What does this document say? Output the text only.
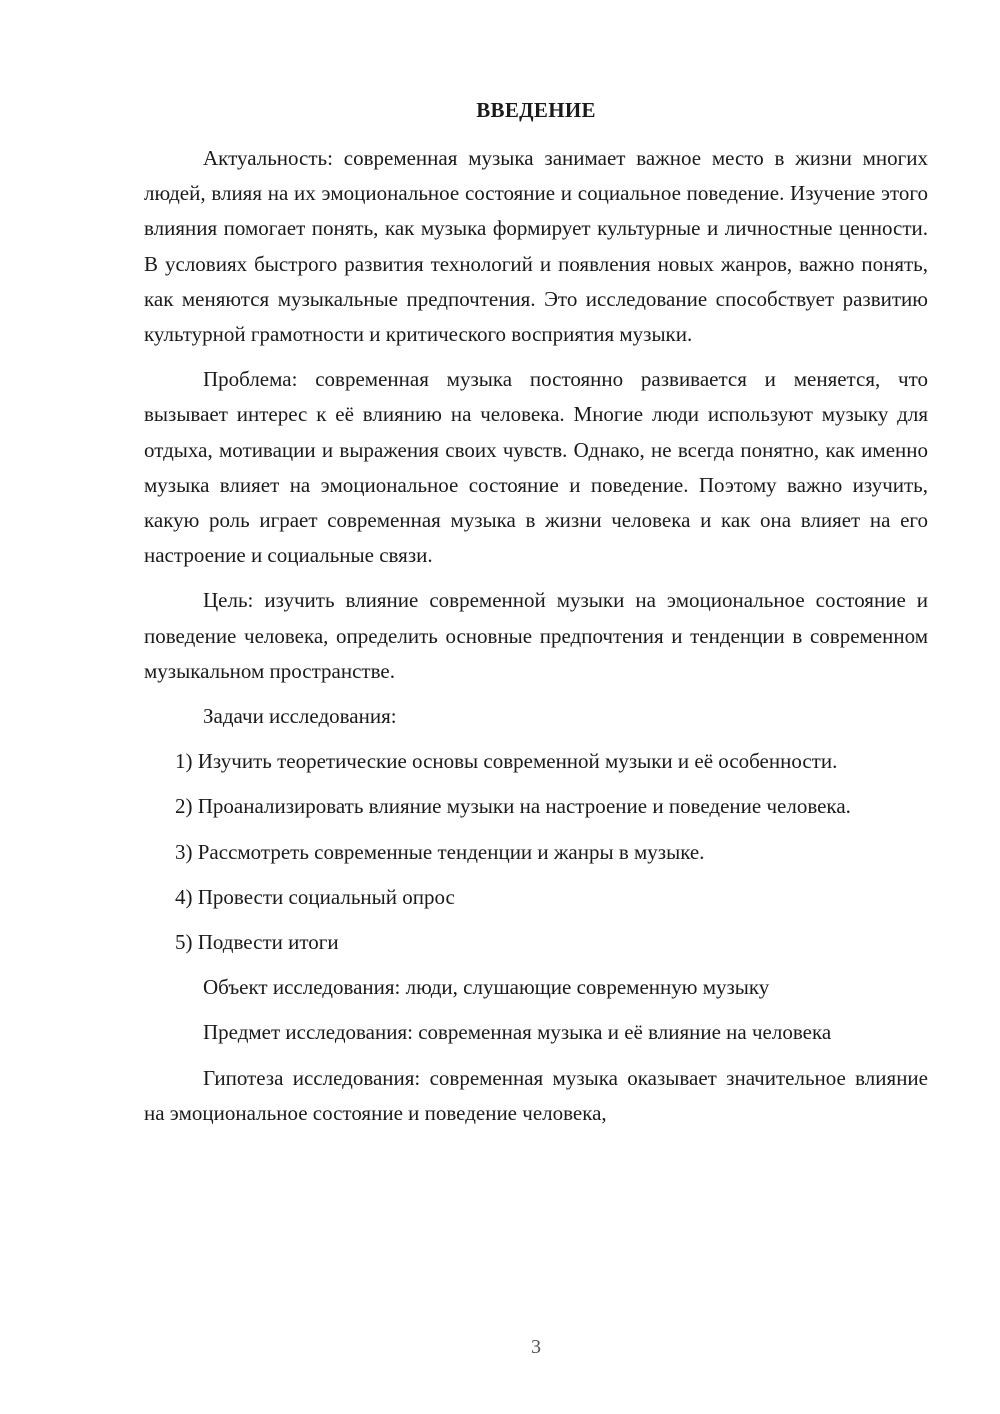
ВВЕДЕНИЕ

Актуальность: современная музыка занимает важное место в жизни многих людей, влияя на их эмоциональное состояние и социальное поведение. Изучение этого влияния помогает понять, как музыка формирует культурные и личностные ценности. В условиях быстрого развития технологий и появления новых жанров, важно понять, как меняются музыкальные предпочтения. Это исследование способствует развитию культурной грамотности и критического восприятия музыки.

Проблема: современная музыка постоянно развивается и меняется, что вызывает интерес к её влиянию на человека. Многие люди используют музыку для отдыха, мотивации и выражения своих чувств. Однако, не всегда понятно, как именно музыка влияет на эмоциональное состояние и поведение. Поэтому важно изучить, какую роль играет современная музыка в жизни человека и как она влияет на его настроение и социальные связи.

Цель: изучить влияние современной музыки на эмоциональное состояние и поведение человека, определить основные предпочтения и тенденции в современном музыкальном пространстве.

Задачи исследования:

1) Изучить теоретические основы современной музыки и её особенности.

2) Проанализировать влияние музыки на настроение и поведение человека.

3) Рассмотреть современные тенденции и жанры в музыке.

4) Провести социальный опрос

5) Подвести итоги

Объект исследования: люди, слушающие современную музыку

Предмет исследования: современная музыка и её влияние на человека

Гипотеза исследования: современная музыка оказывает значительное влияние на эмоциональное состояние и поведение человека,

3
